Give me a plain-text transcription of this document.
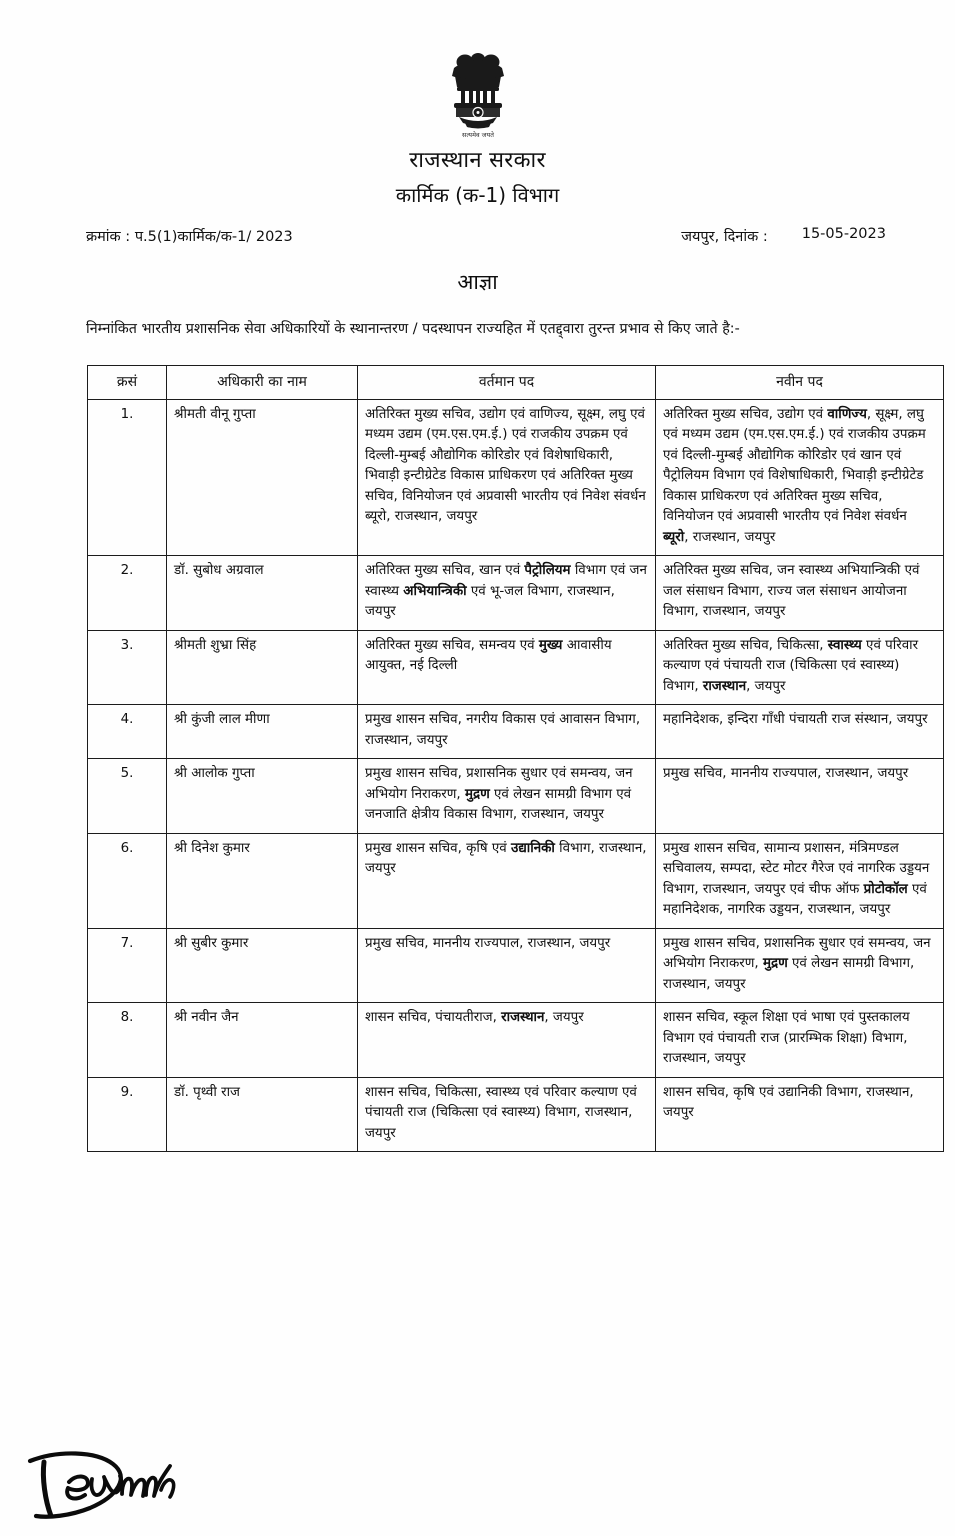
सत्यमेव जयते
राजस्थान सरकार
कार्मिक (क-1) विभाग
क्रमांक : प.5(1)कार्मिक/क-1/ 2023	जयपुर, दिनांक : 15-05-2023
आज्ञा
निम्नांकित भारतीय प्रशासनिक सेवा अधिकारियों के स्थानान्तरण / पदस्थापन राज्यहित में एतद्द्वारा तुरन्त प्रभाव से किए जाते है:-
क्रसं	अधिकारी का नाम	वर्तमान पद	नवीन पद
1.	श्रीमती वीनू गुप्ता	अतिरिक्त मुख्य सचिव, उद्योग एवं वाणिज्य, सूक्ष्म, लघु एवं मध्यम उद्यम (एम.एस.एम.ई.) एवं राजकीय उपक्रम एवं दिल्ली-मुम्बई औद्योगिक कोरिडोर एवं विशेषाधिकारी, भिवाड़ी इन्टीग्रेटेड विकास प्राधिकरण एवं अतिरिक्त मुख्य सचिव, विनियोजन एवं अप्रवासी भारतीय एवं निवेश संवर्धन ब्यूरो, राजस्थान, जयपुर	अतिरिक्त मुख्य सचिव, उद्योग एवं वाणिज्य, सूक्ष्म, लघु एवं मध्यम उद्यम (एम.एस.एम.ई.) एवं राजकीय उपक्रम एवं दिल्ली-मुम्बई औद्योगिक कोरिडोर एवं खान एवं पैट्रोलियम विभाग एवं विशेषाधिकारी, भिवाड़ी इन्टीग्रेटेड विकास प्राधिकरण एवं अतिरिक्त मुख्य सचिव, विनियोजन एवं अप्रवासी भारतीय एवं निवेश संवर्धन ब्यूरो, राजस्थान, जयपुर
2.	डॉ. सुबोध अग्रवाल	अतिरिक्त मुख्य सचिव, खान एवं पैट्रोलियम विभाग एवं जन स्वास्थ्य अभियान्त्रिकी एवं भू-जल विभाग, राजस्थान, जयपुर	अतिरिक्त मुख्य सचिव, जन स्वास्थ्य अभियान्त्रिकी एवं जल संसाधन विभाग, राज्य जल संसाधन आयोजना विभाग, राजस्थान, जयपुर
3.	श्रीमती शुभ्रा सिंह	अतिरिक्त मुख्य सचिव, समन्वय एवं मुख्य आवासीय आयुक्त, नई दिल्ली	अतिरिक्त मुख्य सचिव, चिकित्सा, स्वास्थ्य एवं परिवार कल्याण एवं पंचायती राज (चिकित्सा एवं स्वास्थ्य) विभाग, राजस्थान, जयपुर
4.	श्री कुंजी लाल मीणा	प्रमुख शासन सचिव, नगरीय विकास एवं आवासन विभाग, राजस्थान, जयपुर	महानिदेशक, इन्दिरा गाँधी पंचायती राज संस्थान, जयपुर
5.	श्री आलोक गुप्ता	प्रमुख शासन सचिव, प्रशासनिक सुधार एवं समन्वय, जन अभियोग निराकरण, मुद्रण एवं लेखन सामग्री विभाग एवं जनजाति क्षेत्रीय विकास विभाग, राजस्थान, जयपुर	प्रमुख सचिव, माननीय राज्यपाल, राजस्थान, जयपुर
6.	श्री दिनेश कुमार	प्रमुख शासन सचिव, कृषि एवं उद्यानिकी विभाग, राजस्थान, जयपुर	प्रमुख शासन सचिव, सामान्य प्रशासन, मंत्रिमण्डल सचिवालय, सम्पदा, स्टेट मोटर गैरेज एवं नागरिक उड्डयन विभाग, राजस्थान, जयपुर एवं चीफ ऑफ प्रोटोकॉल एवं महानिदेशक, नागरिक उड्डयन, राजस्थान, जयपुर
7.	श्री सुबीर कुमार	प्रमुख सचिव, माननीय राज्यपाल, राजस्थान, जयपुर	प्रमुख शासन सचिव, प्रशासनिक सुधार एवं समन्वय, जन अभियोग निराकरण, मुद्रण एवं लेखन सामग्री विभाग, राजस्थान, जयपुर
8.	श्री नवीन जैन	शासन सचिव, पंचायतीराज, राजस्थान, जयपुर	शासन सचिव, स्कूल शिक्षा एवं भाषा एवं पुस्तकालय विभाग एवं पंचायती राज (प्रारम्भिक शिक्षा) विभाग, राजस्थान, जयपुर
9.	डॉ. पृथ्वी राज	शासन सचिव, चिकित्सा, स्वास्थ्य एवं परिवार कल्याण एवं पंचायती राज (चिकित्सा एवं स्वास्थ्य) विभाग, राजस्थान, जयपुर	शासन सचिव, कृषि एवं उद्यानिकी विभाग, राजस्थान, जयपुर
